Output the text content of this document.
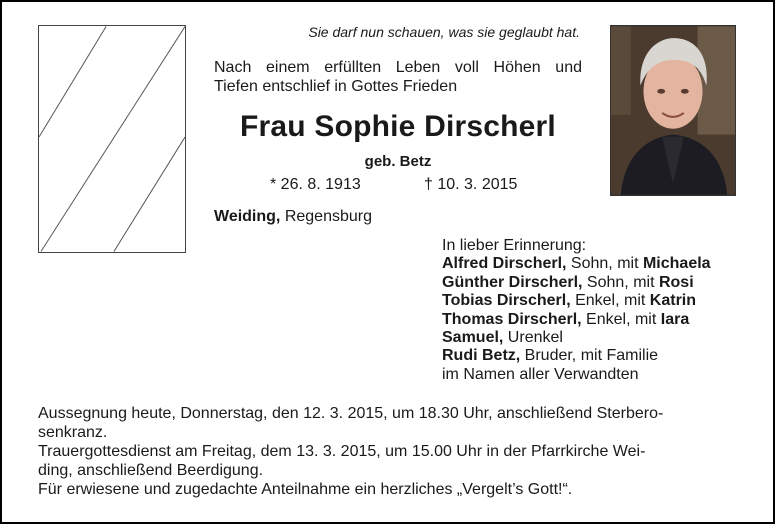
Sie darf nun schauen, was sie geglaubt hat.
Nach einem erfüllten Leben voll Höhen und
Tiefen entschlief in Gottes Frieden
Frau Sophie Dirscherl
geb. Betz
* 26. 8. 1913	† 10. 3. 2015
Weiding, Regensburg
In lieber Erinnerung:
Alfred Dirscherl, Sohn, mit Michaela
Günther Dirscherl, Sohn, mit Rosi
Tobias Dirscherl, Enkel, mit Katrin
Thomas Dirscherl, Enkel, mit Iara
Samuel, Urenkel
Rudi Betz, Bruder, mit Familie
im Namen aller Verwandten

Aussegnung heute, Donnerstag, den 12. 3. 2015, um 18.30 Uhr, anschließend Sterbero-

senkranz.

Trauergottesdienst am Freitag, dem 13. 3. 2015, um 15.00 Uhr in der Pfarrkirche Wei-

ding, anschließend Beerdigung.

Für erwiesene und zugedachte Anteilnahme ein herzliches „Vergelt’s Gott!“.
